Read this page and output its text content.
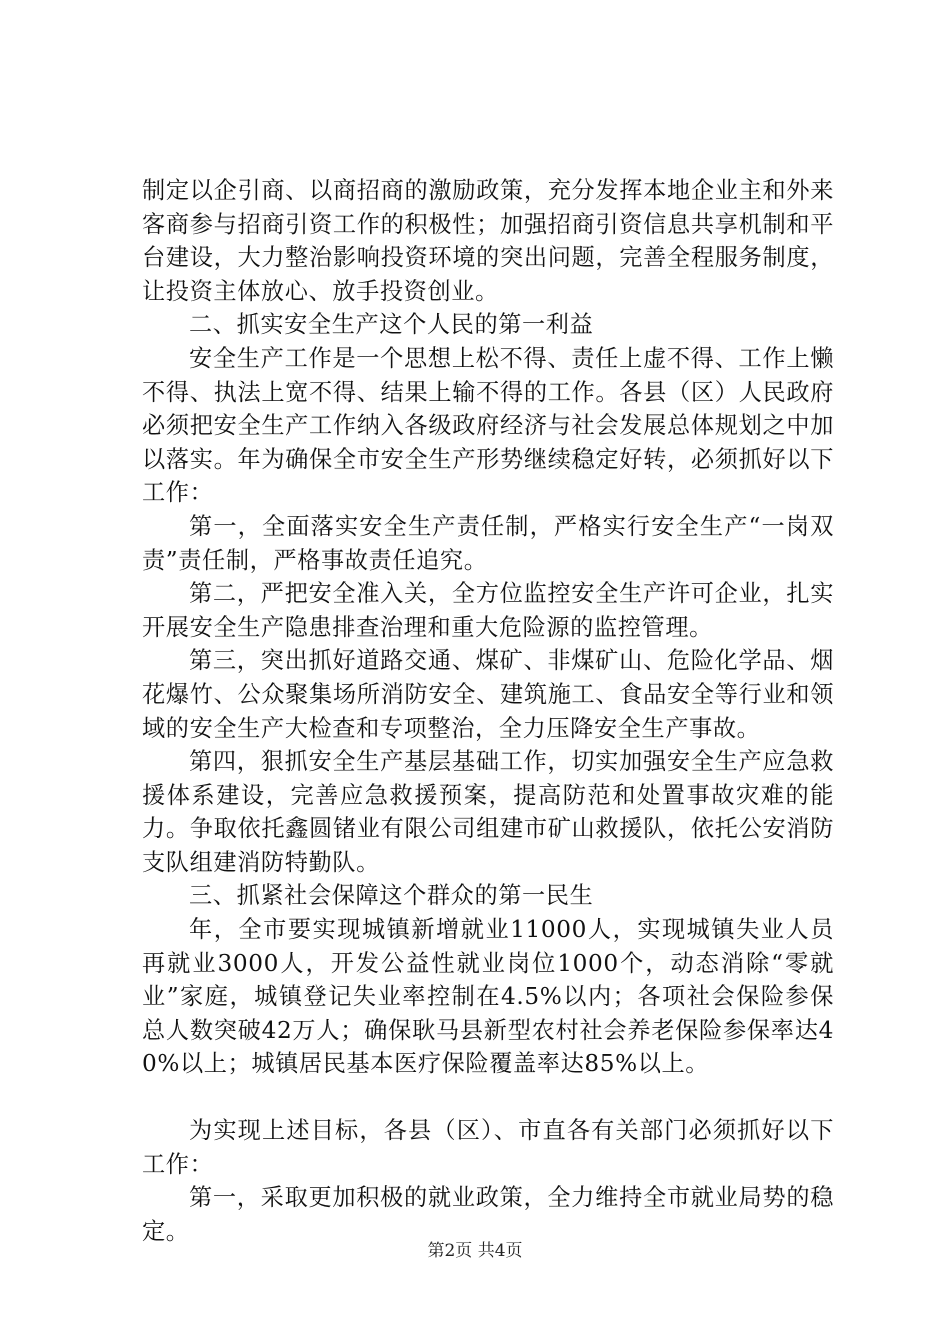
制定以企引商、以商招商的激励政策，充分发挥本地企业主和外来客商参与招商引资工作的积极性；加强招商引资信息共享机制和平台建设，大力整治影响投资环境的突出问题，完善全程服务制度，让投资主体放心、放手投资创业。

二、抓实安全生产这个人民的第一利益

安全生产工作是一个思想上松不得、责任上虚不得、工作上懒不得、执法上宽不得、结果上输不得的工作。各县（区）人民政府必须把安全生产工作纳入各级政府经济与社会发展总体规划之中加以落实。年为确保全市安全生产形势继续稳定好转，必须抓好以下工作：

第一，全面落实安全生产责任制，严格实行安全生产“一岗双责”责任制，严格事故责任追究。

第二，严把安全准入关，全方位监控安全生产许可企业，扎实开展安全生产隐患排查治理和重大危险源的监控管理。

第三，突出抓好道路交通、煤矿、非煤矿山、危险化学品、烟花爆竹、公众聚集场所消防安全、建筑施工、食品安全等行业和领域的安全生产大检查和专项整治，全力压降安全生产事故。

第四，狠抓安全生产基层基础工作，切实加强安全生产应急救援体系建设，完善应急救援预案，提高防范和处置事故灾难的能力。争取依托鑫圆锗业有限公司组建市矿山救援队，依托公安消防支队组建消防特勤队。

三、抓紧社会保障这个群众的第一民生

年，全市要实现城镇新增就业11000人，实现城镇失业人员再就业3000人，开发公益性就业岗位1000个，动态消除“零就业”家庭，城镇登记失业率控制在4.5%以内；各项社会保险参保总人数突破42万人；确保耿马县新型农村社会养老保险参保率达40%以上；城镇居民基本医疗保险覆盖率达85%以上。

为实现上述目标，各县（区）、市直各有关部门必须抓好以下工作：

第一，采取更加积极的就业政策，全力维持全市就业局势的稳定。

第2页 共4页
